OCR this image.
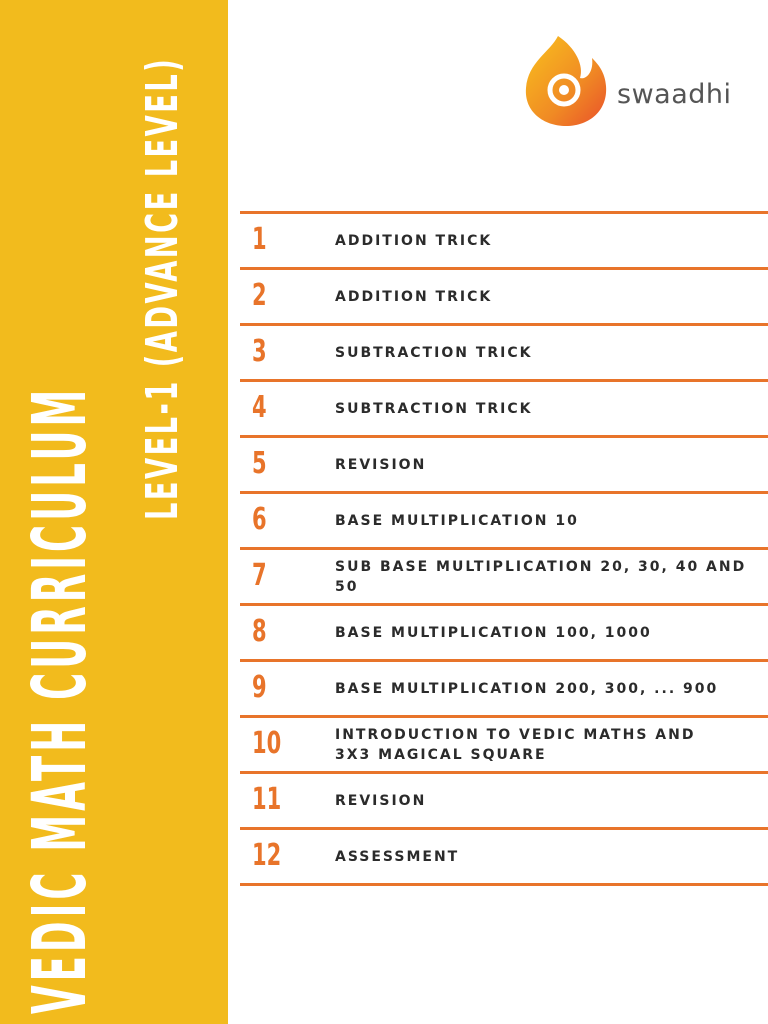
VEDIC MATH CURRICULUM
LEVEL-1 (ADVANCE LEVEL)	swaadhi
1	ADDITION TRICK
2	ADDITION TRICK
3	SUBTRACTION TRICK
4	SUBTRACTION TRICK
5	REVISION
6	BASE MULTIPLICATION 10
7	SUB BASE MULTIPLICATION 20, 30, 40 AND 50
8	BASE MULTIPLICATION 100, 1000
9	BASE MULTIPLICATION 200, 300, ... 900
10	INTRODUCTION TO VEDIC MATHS AND
3X3 MAGICAL SQUARE
11	REVISION
12	ASSESSMENT
